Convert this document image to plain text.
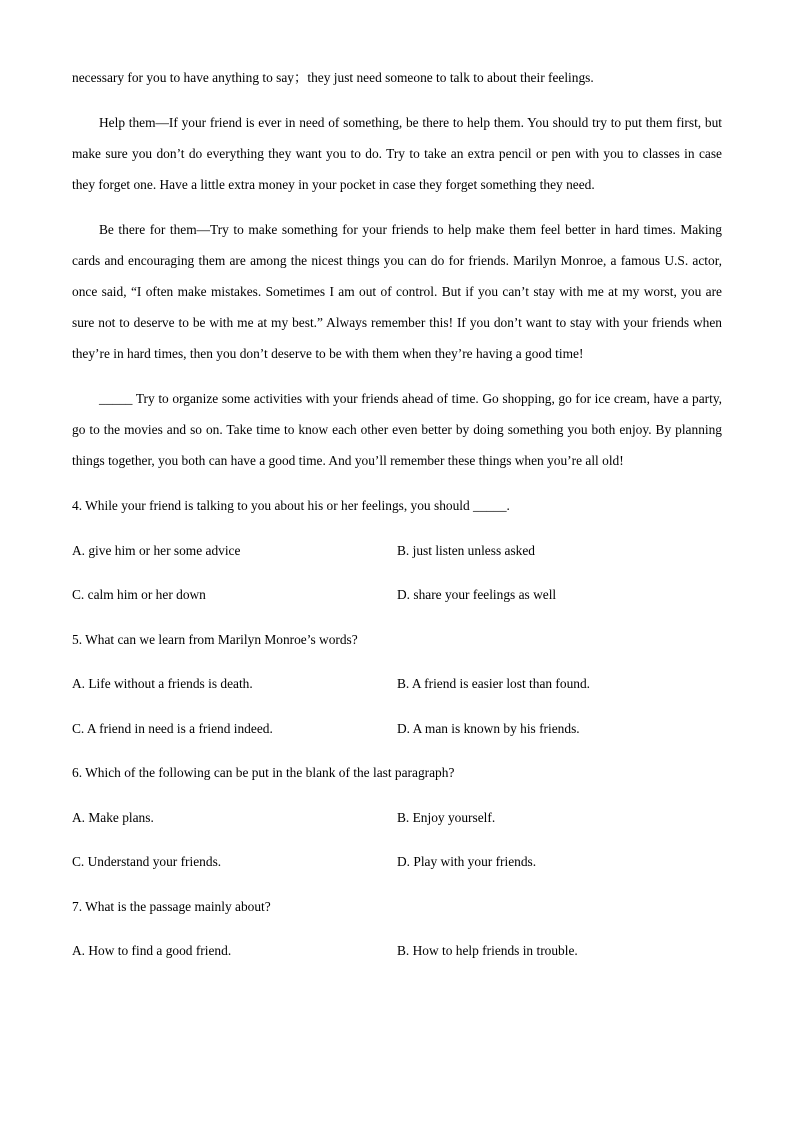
necessary for you to have anything to say；they just need someone to talk to about their feelings.

Help them—If your friend is ever in need of something, be there to help them. You should try to put them first, but make sure you don’t do everything they want you to do. Try to take an extra pencil or pen with you to classes in case they forget one. Have a little extra money in your pocket in case they forget something they need.

Be there for them—Try to make something for your friends to help make them feel better in hard times. Making cards and encouraging them are among the nicest things you can do for friends. Marilyn Monroe, a famous U.S. actor, once said, “I often make mistakes. Sometimes I am out of control. But if you can’t stay with me at my worst, you are sure not to deserve to be with me at my best.” Always remember this! If you don’t want to stay with your friends when they’re in hard times, then you don’t deserve to be with them when they’re having a good time!

_____ Try to organize some activities with your friends ahead of time. Go shopping, go for ice cream, have a party, go to the movies and so on. Take time to know each other even better by doing something you both enjoy. By planning things together, you both can have a good time. And you’ll remember these things when you’re all old!

4. While your friend is talking to you about his or her feelings, you should _____.

A. give him or her some advice	B. just listen unless asked
C. calm him or her down	D. share your feelings as well

5. What can we learn from Marilyn Monroe’s words?

A. Life without a friends is death.	B. A friend is easier lost than found.
C. A friend in need is a friend indeed.	D. A man is known by his friends.

6. Which of the following can be put in the blank of the last paragraph?

A. Make plans.	B. Enjoy yourself.
C. Understand your friends.	D. Play with your friends.

7. What is the passage mainly about?

A. How to find a good friend.	B. How to help friends in trouble.
